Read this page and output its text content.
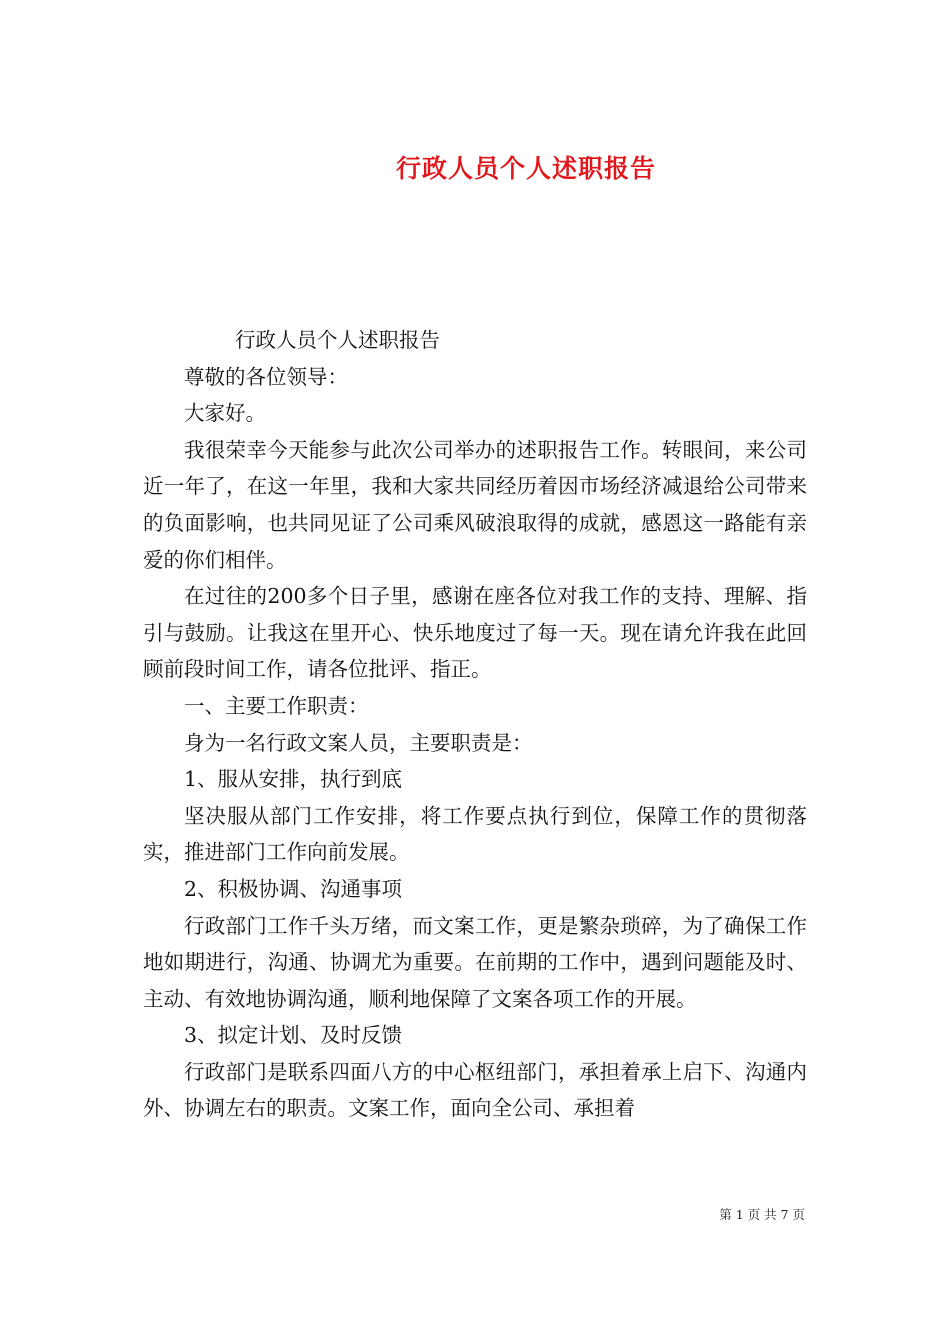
行政人员个人述职报告

行政人员个人述职报告

尊敬的各位领导：

大家好。

我很荣幸今天能参与此次公司举办的述职报告工作。转眼间，来公司近一年了，在这一年里，我和大家共同经历着因市场经济减退给公司带来的负面影响，也共同见证了公司乘风破浪取得的成就，感恩这一路能有亲爱的你们相伴。

在过往的200多个日子里，感谢在座各位对我工作的支持、理解、指引与鼓励。让我这在里开心、快乐地度过了每一天。现在请允许我在此回顾前段时间工作，请各位批评、指正。

一、主要工作职责：

身为一名行政文案人员，主要职责是：

1、服从安排，执行到底

坚决服从部门工作安排，将工作要点执行到位，保障工作的贯彻落实，推进部门工作向前发展。

2、积极协调、沟通事项

行政部门工作千头万绪，而文案工作，更是繁杂琐碎，为了确保工作地如期进行，沟通、协调尤为重要。在前期的工作中，遇到问题能及时、主动、有效地协调沟通，顺利地保障了文案各项工作的开展。

3、拟定计划、及时反馈

行政部门是联系四面八方的中心枢纽部门，承担着承上启下、沟通内外、协调左右的职责。文案工作，面向全公司、承担着

第 1 页 共 7 页
